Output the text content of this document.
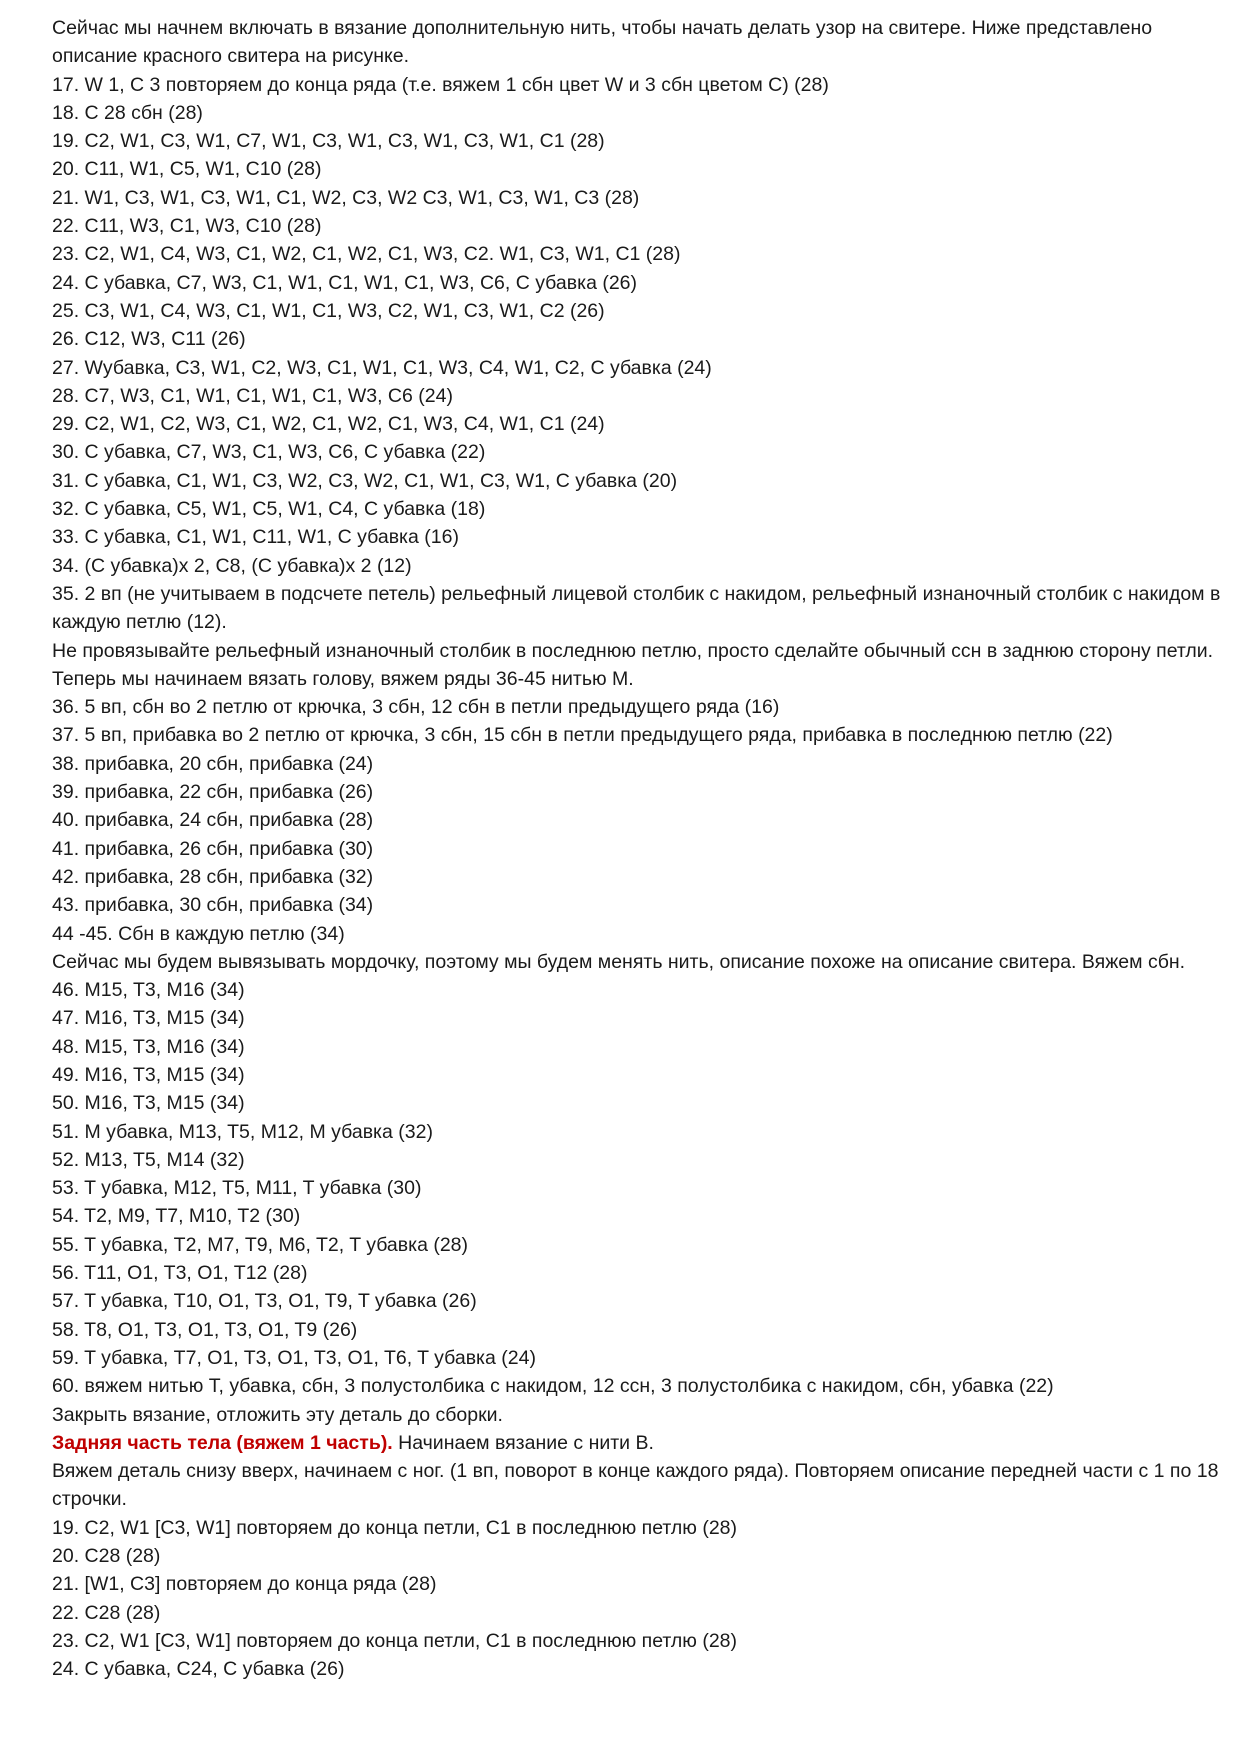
Сейчас мы начнем включать в вязание дополнительную нить, чтобы начать делать узор на свитере. Ниже представлено описание красного свитера на рисунке.
17. W 1, C 3 повторяем до конца ряда (т.е. вяжем 1 сбн цвет W и 3 сбн цветом С) (28)
18. С 28 сбн (28)
19. C2, W1, C3, W1, C7, W1, C3, W1, C3, W1, C3, W1, C1 (28)
20. C11, W1, C5, W1, C10 (28)
21. W1, C3, W1, C3, W1, C1, W2, C3, W2 C3, W1, C3, W1, C3 (28)
22. C11, W3, C1, W3, C10 (28)
23. C2, W1, C4, W3, C1, W2, C1, W2, C1, W3, C2. W1, C3, W1, C1 (28)
24. С убавка, C7, W3, C1, W1, C1, W1, C1, W3, C6, С убавка (26)
25. C3, W1, C4, W3, C1, W1, C1, W3, C2, W1, C3, W1, C2 (26)
26. C12, W3, C11 (26)
27. Wубавка, C3, W1, C2, W3, C1, W1, C1, W3, C4, W1, C2, С убавка (24)
28. C7, W3, C1, W1, C1, W1, C1, W3, C6 (24)
29. C2, W1, C2, W3, C1, W2, C1, W2, C1, W3, C4, W1, C1 (24)
30. С убавка, C7, W3, C1, W3, C6, С убавка (22)
31. С убавка, C1, W1, C3, W2, C3, W2, C1, W1, C3, W1, С убавка (20)
32. С убавка, C5, W1, C5, W1, C4, С убавка (18)
33. С убавка, C1, W1, C11, W1, С убавка (16)
34. (С убавка)х 2, C8, (С убавка)х 2 (12)
35. 2 вп (не учитываем в подсчете петель) рельефный лицевой столбик с накидом, рельефный изнаночный столбик с накидом в каждую петлю (12).
Не провязывайте рельефный изнаночный столбик в последнюю петлю, просто сделайте обычный ссн в заднюю сторону петли.
Теперь мы начинаем вязать голову, вяжем ряды 36-45 нитью М.
36. 5 вп, сбн во 2 петлю от крючка, 3 сбн, 12 сбн в петли предыдущего ряда (16)
37. 5 вп, прибавка во 2 петлю от крючка, 3 сбн, 15 сбн в петли предыдущего ряда, прибавка в последнюю петлю (22)
38. прибавка, 20 сбн, прибавка (24)
39. прибавка, 22 сбн, прибавка (26)
40. прибавка, 24 сбн, прибавка (28)
41. прибавка, 26 сбн, прибавка (30)
42. прибавка, 28 сбн, прибавка (32)
43. прибавка, 30 сбн, прибавка (34)
44 -45. Сбн в каждую петлю (34)
Сейчас мы будем вывязывать мордочку, поэтому мы будем менять нить, описание похоже на описание свитера. Вяжем сбн.
46. M15, T3, M16 (34)
47. M16, T3, M15 (34)
48. M15, T3, M16 (34)
49. M16, T3, M15 (34)
50. M16, T3, M15 (34)
51. M убавка, M13, T5, M12, M убавка (32)
52. M13, T5, M14 (32)
53. T убавка, M12, T5, M11, T убавка (30)
54. T2, M9, T7, M10, T2 (30)
55. T убавка, T2, M7, T9, M6, T2, T убавка (28)
56. T11, O1, T3, O1, T12 (28)
57. T убавка, T10, O1, T3, O1, T9, T убавка (26)
58. T8, O1, T3, O1, T3, O1, T9 (26)
59. T убавка, T7, O1, T3, O1, T3, O1, T6, T убавка (24)
60. вяжем нитью Т, убавка, сбн, 3 полустолбика с накидом, 12 ссн, 3 полустолбика с накидом, сбн, убавка (22)
Закрыть вязание, отложить эту деталь до сборки.
Задняя часть тела (вяжем 1 часть). Начинаем вязание с нити В.
Вяжем деталь снизу вверх, начинаем с ног. (1 вп, поворот в конце каждого ряда). Повторяем описание передней части с 1 по 18 строчки.
19. C2, W1 [C3, W1] повторяем до конца петли, C1 в последнюю петлю (28)
20. C28 (28)
21. [W1, C3] повторяем до конца ряда (28)
22. C28 (28)
23. C2, W1 [C3, W1] повторяем до конца петли, C1 в последнюю петлю (28)
24. С убавка, С24, С убавка (26)
